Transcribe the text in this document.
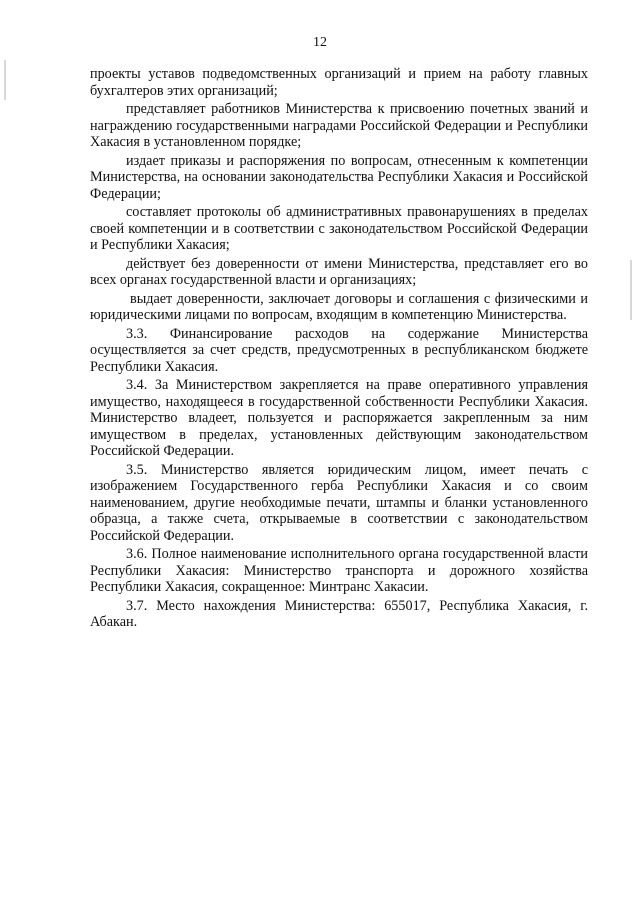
12

проекты уставов подведомственных организаций и прием на работу главных бухгалтеров этих организаций;

представляет работников Министерства к присвоению почетных званий и награждению государственными наградами Российской Федерации и Республики Хакасия в установленном порядке;

издает приказы и распоряжения по вопросам, отнесенным к компетенции Министерства, на основании законодательства Республики Хакасия и Российской Федерации;

составляет протоколы об административных правонарушениях в пределах своей компетенции и в соответствии с законодательством Российской Федерации и Республики Хакасия;

действует без доверенности от имени Министерства, представляет его во всех органах государственной власти и организациях;

выдает доверенности, заключает договоры и соглашения с физическими и юридическими лицами по вопросам, входящим в компетенцию Министерства.

3.3. Финансирование расходов на содержание Министерства осуществляется за счет средств, предусмотренных в республиканском бюджете Республики Хакасия.

3.4. За Министерством закрепляется на праве оперативного управления имущество, находящееся в государственной собственности Республики Хакасия. Министерство владеет, пользуется и распоряжается закрепленным за ним имуществом в пределах, установленных действующим законодательством Российской Федерации.

3.5. Министерство является юридическим лицом, имеет печать с изображением Государственного герба Республики Хакасия и со своим наименованием, другие необходимые печати, штампы и бланки установленного образца, а также счета, открываемые в соответствии с законодательством Российской Федерации.

3.6. Полное наименование исполнительного органа государственной власти Республики Хакасия: Министерство транспорта и дорожного хозяйства Республики Хакасия, сокращенное: Минтранс Хакасии.

3.7. Место нахождения Министерства: 655017, Республика Хакасия, г. Абакан.
